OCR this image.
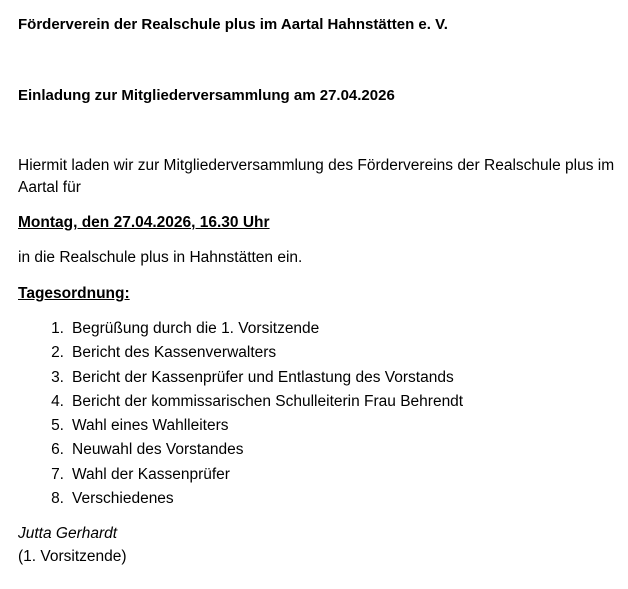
Förderverein der Realschule plus im Aartal Hahnstätten e. V.
Einladung zur Mitgliederversammlung am 27.04.2026
Hiermit laden wir zur Mitgliederversammlung des Fördervereins der Realschule plus im Aartal für
Montag, den 27.04.2026, 16.30 Uhr
in die Realschule plus in Hahnstätten ein.
Tagesordnung:
1. Begrüßung durch die 1. Vorsitzende
2. Bericht des Kassenverwalters
3. Bericht der Kassenprüfer und Entlastung des Vorstands
4. Bericht der kommissarischen Schulleiterin Frau Behrendt
5. Wahl eines Wahlleiters
6. Neuwahl des Vorstandes
7. Wahl der Kassenprüfer
8. Verschiedenes
Jutta Gerhardt
(1. Vorsitzende)
